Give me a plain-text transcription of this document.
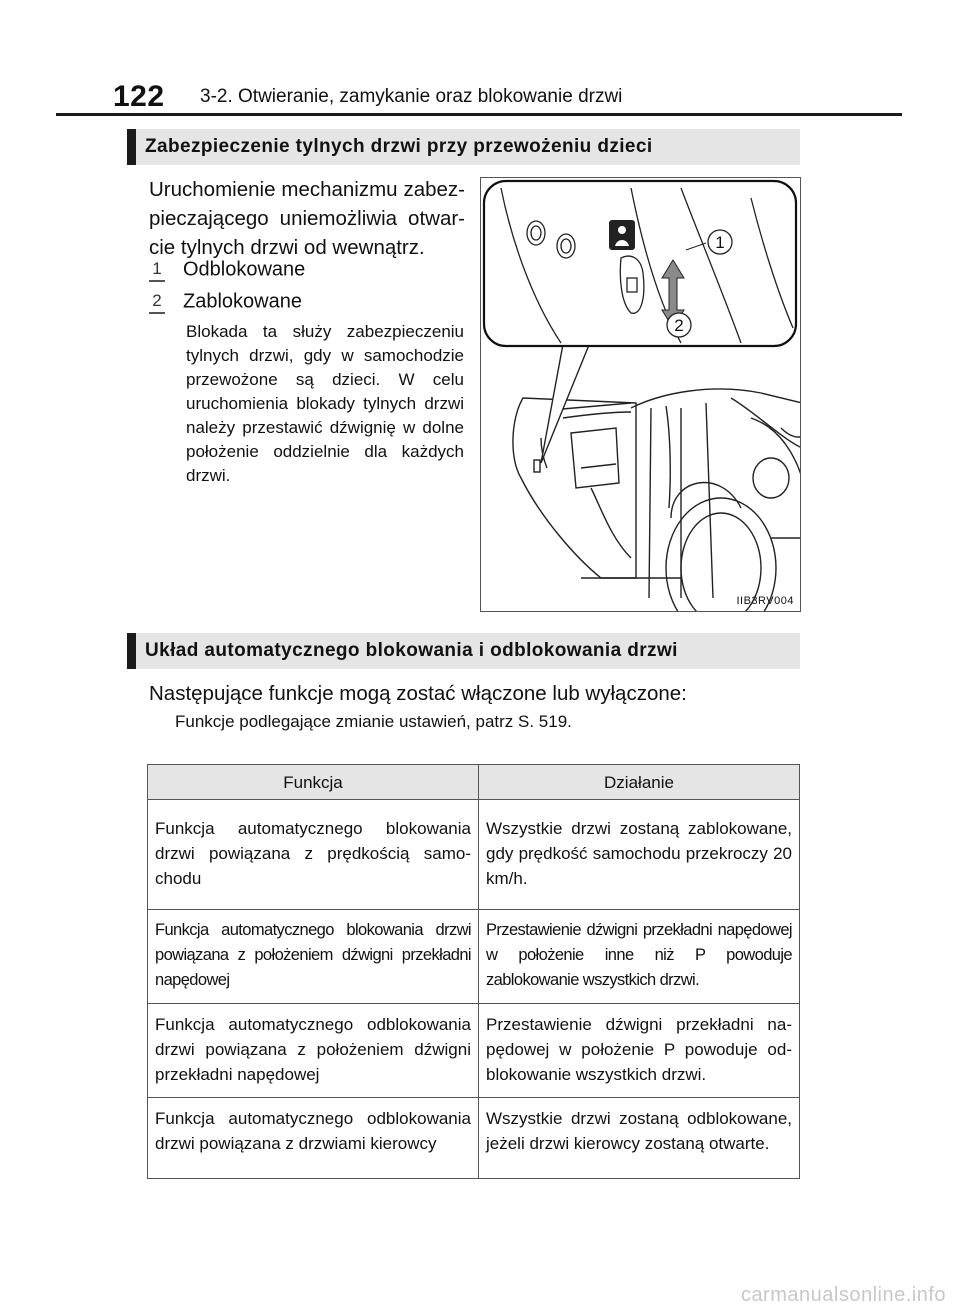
122 3-2. Otwieranie, zamykanie oraz blokowanie drzwi
Zabezpieczenie tylnych drzwi przy przewożeniu dzieci

Uruchomienie mechanizmu zabezpieczającego uniemożliwia otwarcie tylnych drzwi od wewnątrz.

1 Odblokowane
2 Zablokowane
Blokada ta służy zabezpieczeniu tylnych drzwi, gdy w samochodzie przewożone są dzieci. W celu uruchomienia blokady tylnych drzwi należy przestawić dźwignię w dolne położenie oddzielnie dla każdych drzwi.
1
2
IIB3RV004
Układ automatycznego blokowania i odblokowania drzwi
Następujące funkcje mogą zostać włączone lub wyłączone:
Funkcje podlegające zmianie ustawień, patrz S. 519.
Funkcja	Działanie
Funkcja automatycznego blokowania drzwi powiązana z prędkością samochodu	Wszystkie drzwi zostaną zablokowane, gdy prędkość samochodu przekroczy 20 km/h.
Funkcja automatycznego blokowania drzwi powiązana z położeniem dźwigni przekładni napędowej	Przestawienie dźwigni przekładni napędowej w położenie inne niż P powoduje zablokowanie wszystkich drzwi.
Funkcja automatycznego odblokowania drzwi powiązana z położeniem dźwigni przekładni napędowej	Przestawienie dźwigni przekładni napędowej w położenie P powoduje odblokowanie wszystkich drzwi.
Funkcja automatycznego odblokowania drzwi powiązana z drzwiami kierowcy	Wszystkie drzwi zostaną odblokowane, jeżeli drzwi kierowcy zostaną otwarte.
carmanualsonline.info
